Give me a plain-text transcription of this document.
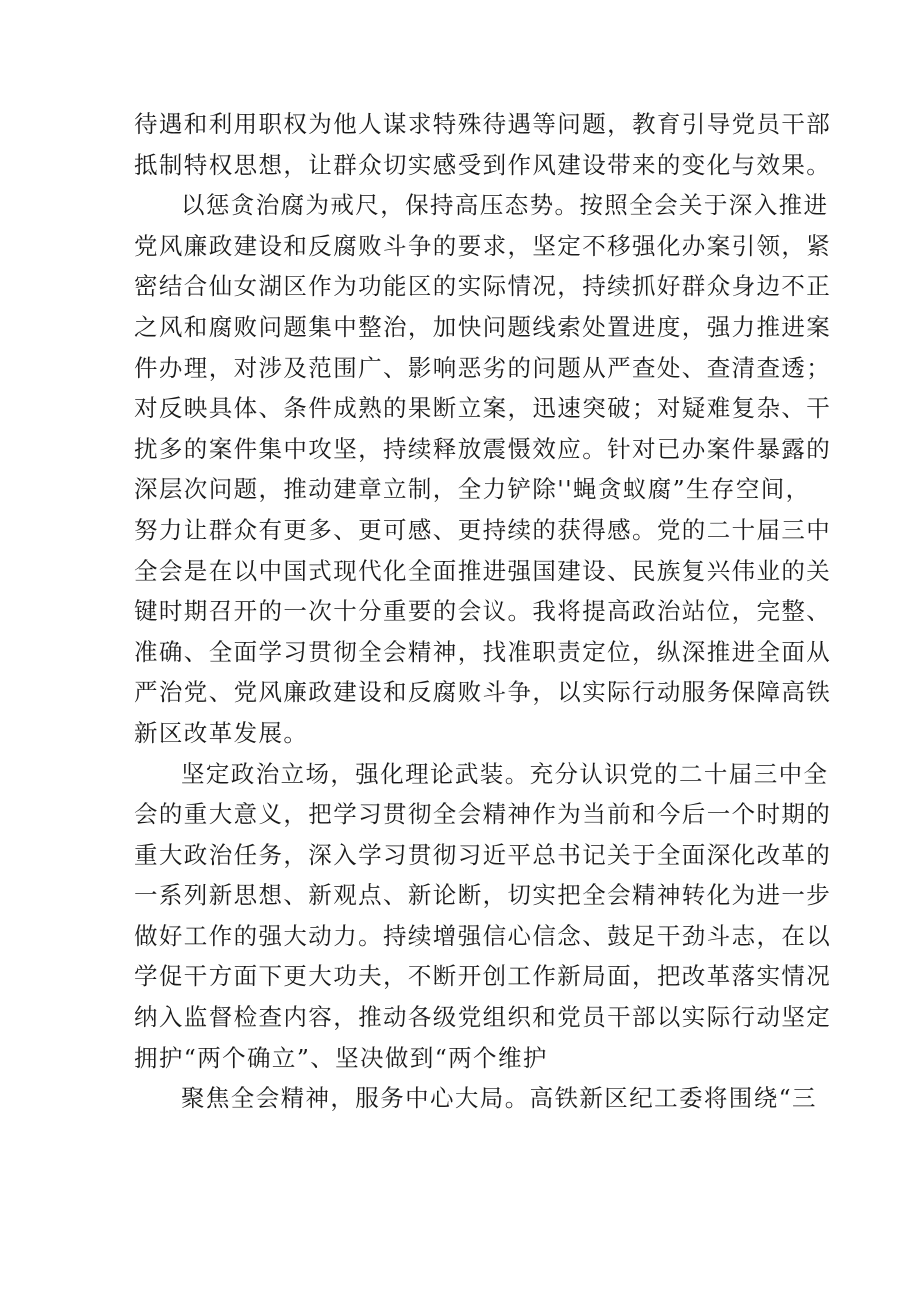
待遇和利用职权为他人谋求特殊待遇等问题，教育引导党员干部
抵制特权思想，让群众切实感受到作风建设带来的变化与效果。
以惩贪治腐为戒尺，保持高压态势。按照全会关于深入推进
党风廉政建设和反腐败斗争的要求，坚定不移强化办案引领，紧
密结合仙女湖区作为功能区的实际情况，持续抓好群众身边不正
之风和腐败问题集中整治，加快问题线索处置进度，强力推进案
件办理，对涉及范围广、影响恶劣的问题从严查处、查清查透；
对反映具体、条件成熟的果断立案，迅速突破；对疑难复杂、干
扰多的案件集中攻坚，持续释放震慑效应。针对已办案件暴露的
深层次问题，推动建章立制，全力铲除''蝇贪蚁腐”生存空间，
努力让群众有更多、更可感、更持续的获得感。党的二十届三中
全会是在以中国式现代化全面推进强国建设、民族复兴伟业的关
键时期召开的一次十分重要的会议。我将提高政治站位，完整、
准确、全面学习贯彻全会精神，找准职责定位，纵深推进全面从
严治党、党风廉政建设和反腐败斗争，以实际行动服务保障高铁
新区改革发展。
坚定政治立场，强化理论武装。充分认识党的二十届三中全
会的重大意义，把学习贯彻全会精神作为当前和今后一个时期的
重大政治任务，深入学习贯彻习近平总书记关于全面深化改革的
一系列新思想、新观点、新论断，切实把全会精神转化为进一步
做好工作的强大动力。持续增强信心信念、鼓足干劲斗志，在以
学促干方面下更大功夫，不断开创工作新局面，把改革落实情况
纳入监督检查内容，推动各级党组织和党员干部以实际行动坚定
拥护“两个确立”、坚决做到“两个维护
聚焦全会精神，服务中心大局。高铁新区纪工委将围绕“三
